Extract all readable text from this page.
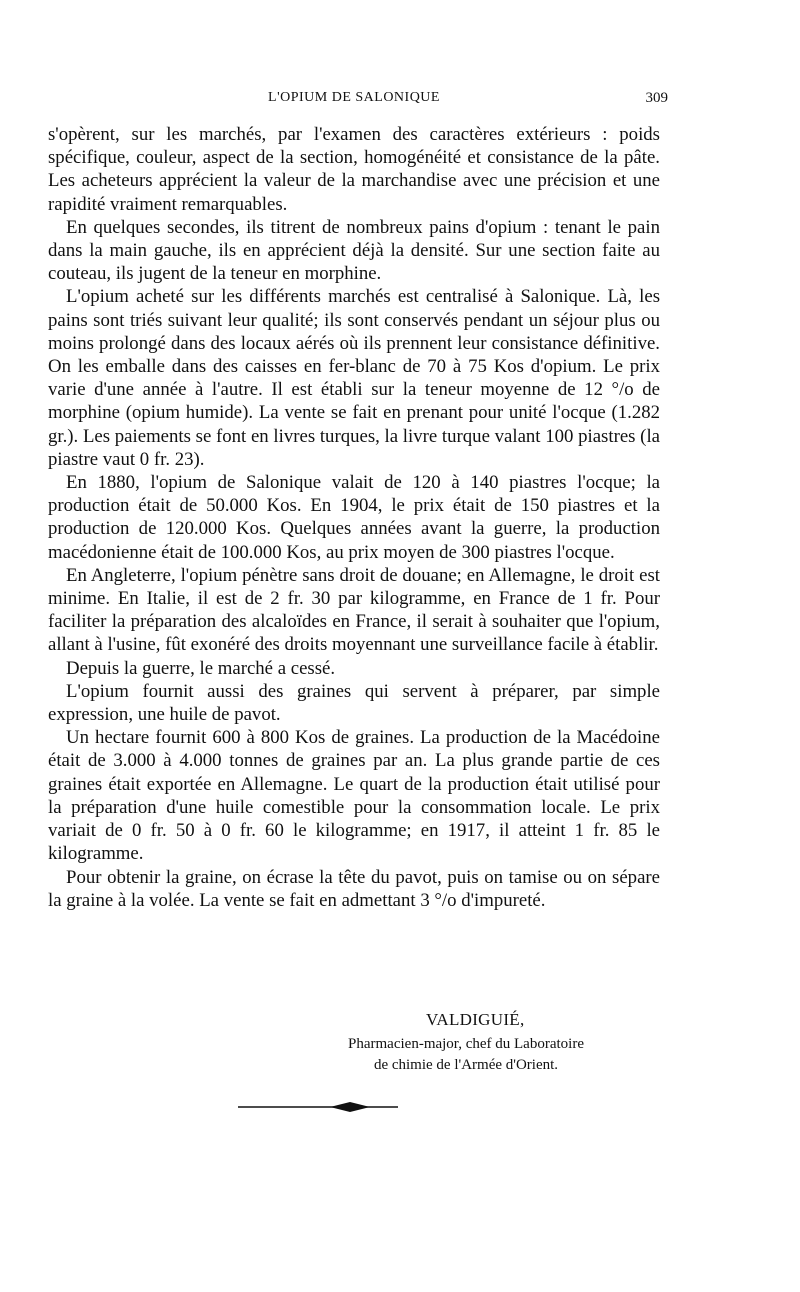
L'OPIUM DE SALONIQUE	309

s'opèrent, sur les marchés, par l'examen des caractères extérieurs : poids spécifique, couleur, aspect de la section, homogénéité et consistance de la pâte. Les acheteurs apprécient la valeur de la marchandise avec une précision et une rapidité vraiment remarquables.

En quelques secondes, ils titrent de nombreux pains d'opium : tenant le pain dans la main gauche, ils en apprécient déjà la densité. Sur une section faite au couteau, ils jugent de la teneur en morphine.

L'opium acheté sur les différents marchés est centralisé à Salonique. Là, les pains sont triés suivant leur qualité; ils sont conservés pendant un séjour plus ou moins prolongé dans des locaux aérés où ils prennent leur consistance définitive. On les emballe dans des caisses en fer-blanc de 70 à 75 Kos d'opium. Le prix varie d'une année à l'autre. Il est établi sur la teneur moyenne de 12 °/o de morphine (opium humide). La vente se fait en prenant pour unité l'ocque (1.282 gr.). Les paiements se font en livres turques, la livre turque valant 100 piastres (la piastre vaut 0 fr. 23).

En 1880, l'opium de Salonique valait de 120 à 140 piastres l'ocque; la production était de 50.000 Kos. En 1904, le prix était de 150 piastres et la production de 120.000 Kos. Quelques années avant la guerre, la production macédonienne était de 100.000 Kos, au prix moyen de 300 piastres l'ocque.

En Angleterre, l'opium pénètre sans droit de douane; en Allemagne, le droit est minime. En Italie, il est de 2 fr. 30 par kilogramme, en France de 1 fr. Pour faciliter la préparation des alcaloïdes en France, il serait à souhaiter que l'opium, allant à l'usine, fût exonéré des droits moyennant une surveillance facile à établir.

Depuis la guerre, le marché a cessé.

L'opium fournit aussi des graines qui servent à préparer, par simple expression, une huile de pavot.

Un hectare fournit 600 à 800 Kos de graines. La production de la Macédoine était de 3.000 à 4.000 tonnes de graines par an. La plus grande partie de ces graines était exportée en Allemagne. Le quart de la production était utilisé pour la préparation d'une huile comestible pour la consommation locale. Le prix variait de 0 fr. 50 à 0 fr. 60 le kilogramme; en 1917, il atteint 1 fr. 85 le kilogramme.

Pour obtenir la graine, on écrase la tête du pavot, puis on tamise ou on sépare la graine à la volée. La vente se fait en admettant 3 °/o d'impureté.

VALDIGUIÉ,
Pharmacien-major, chef du Laboratoire
de chimie de l'Armée d'Orient.
